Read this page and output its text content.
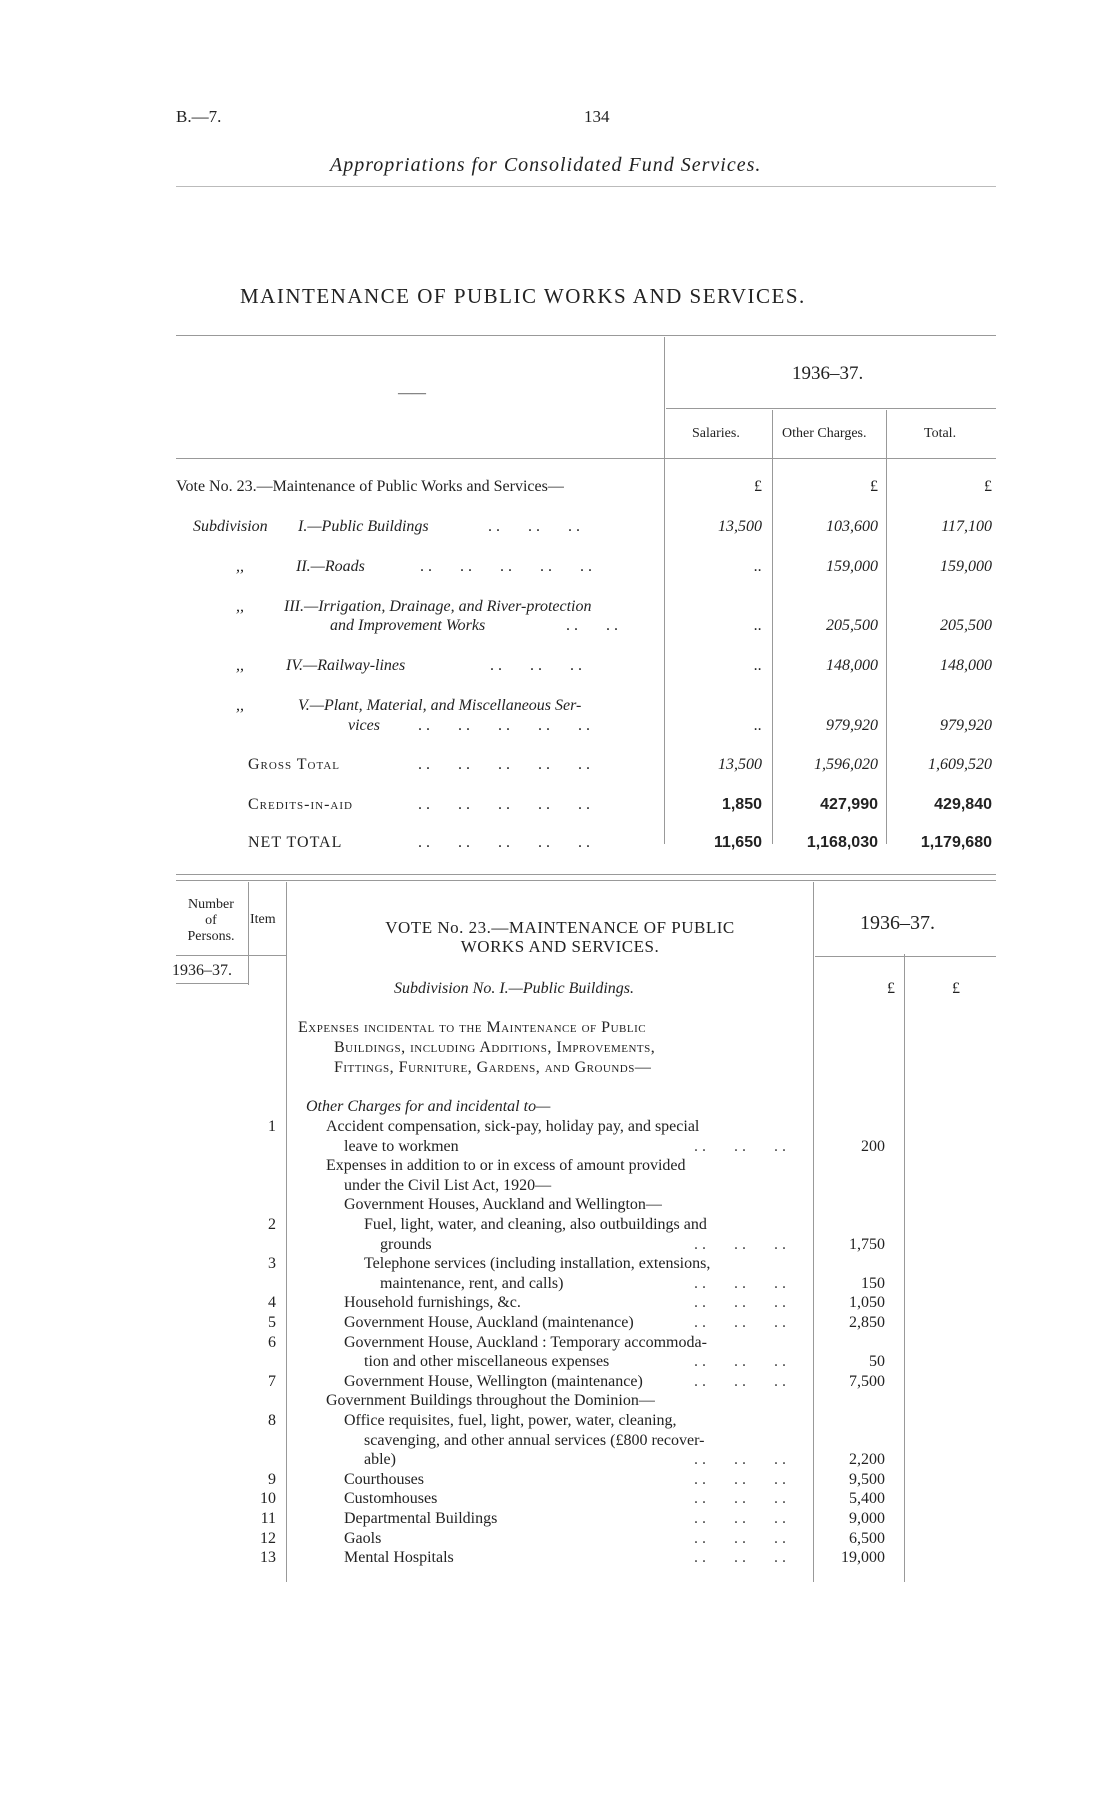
B.—7.	134
Appropriations for Consolidated Fund Services.
MAINTENANCE OF PUBLIC WORKS AND SERVICES.
——
1936–37.
Salaries.	Other Charges.	Total.
Vote No. 23.—Maintenance of Public Works and Services—	£	£	£
Subdivision I.—Public Buildings	..   ..   ..	13,500	103,600	117,100
,,	II.—Roads	..   ..   ..   ..   ..	..	159,000	159,000
,,	III.—Irrigation, Drainage, and River-protection
and Improvement Works	..   ..	..	205,500	205,500
,,	IV.—Railway-lines	..   ..   ..	..	148,000	148,000
,,	V.—Plant, Material, and Miscellaneous Ser-
vices ..   ..   ..   ..   ..	..	979,920	979,920
Gross Total	..   ..   ..   ..   ..	13,500	1,596,020	1,609,520
Credits-in-aid	..   ..   ..   ..   ..	1,850	427,990	429,840
NET TOTAL	..   ..   ..   ..   ..	11,650	1,168,030	1,179,680
Number
of
Persons.
Item
1936–37.
VOTE No. 23.—MAINTENANCE OF PUBLIC
WORKS AND SERVICES.
1936–37.
Subdivision No. I.—Public Buildings.	£	£
Expenses incidental to the Maintenance of Public
Buildings, including Additions, Improvements,
Fittings, Furniture, Gardens, and Grounds—
Other Charges for and incidental to—
1	Accident compensation, sick-pay, holiday pay, and special
leave to workmen	..   ..   ..	200
Expenses in addition to or in excess of amount provided
under the Civil List Act, 1920—
Government Houses, Auckland and Wellington—
2	Fuel, light, water, and cleaning, also outbuildings and
grounds	..   ..   ..	1,750
3	Telephone services (including installation, extensions,
maintenance, rent, and calls)	..   ..   ..	150
4	Household furnishings, &c.	..   ..   ..	1,050
5	Government House, Auckland (maintenance)	..   ..   ..	2,850
6	Government House, Auckland : Temporary accommoda-
tion and other miscellaneous expenses	..   ..   ..	50
7	Government House, Wellington (maintenance)	..   ..   ..	7,500
Government Buildings throughout the Dominion—
8	Office requisites, fuel, light, power, water, cleaning,
scavenging, and other annual services (£800 recover-
able)	..   ..   ..	2,200
9	Courthouses	..   ..   ..	9,500
10	Customhouses	..   ..   ..	5,400
11	Departmental Buildings	..   ..   ..	9,000
12	Gaols	..   ..   ..	6,500
13	Mental Hospitals	..   ..   ..	19,000
